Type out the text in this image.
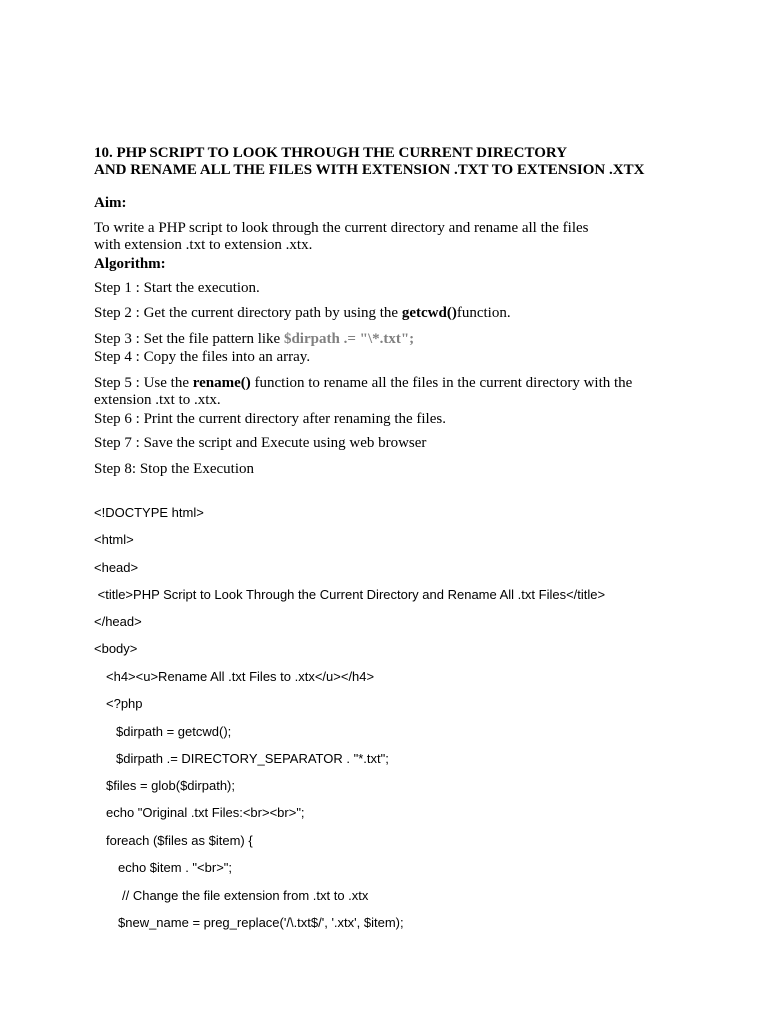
10. PHP SCRIPT TO LOOK THROUGH THE CURRENT DIRECTORY
AND RENAME ALL THE FILES WITH EXTENSION .TXT TO EXTENSION .XTX
Aim:
To write a PHP script to look through the current directory and rename all the files
with extension .txt to extension .xtx.
Algorithm:
Step 1 : Start the execution.
Step 2 : Get the current directory path by using the getcwd()function.
Step 3 : Set the file pattern like $dirpath .= "\*.txt";
Step 4 : Copy the files into an array.
Step 5 : Use the rename() function to rename all the files in the current directory with the
extension .txt to .xtx.
Step 6 : Print the current directory after renaming the files.
Step 7 : Save the script and Execute using web browser
Step 8: Stop the Execution
<!DOCTYPE html>
<html>
<head>
<title>PHP Script to Look Through the Current Directory and Rename All .txt Files</title>
</head>
<body>
<h4><u>Rename All .txt Files to .xtx</u></h4>
<?php
$dirpath = getcwd();
$dirpath .= DIRECTORY_SEPARATOR . "*.txt";
$files = glob($dirpath);
echo "Original .txt Files:<br><br>";
foreach ($files as $item) {
echo $item . "<br>";
// Change the file extension from .txt to .xtx
$new_name = preg_replace('/\.txt$/', '.xtx', $item);
